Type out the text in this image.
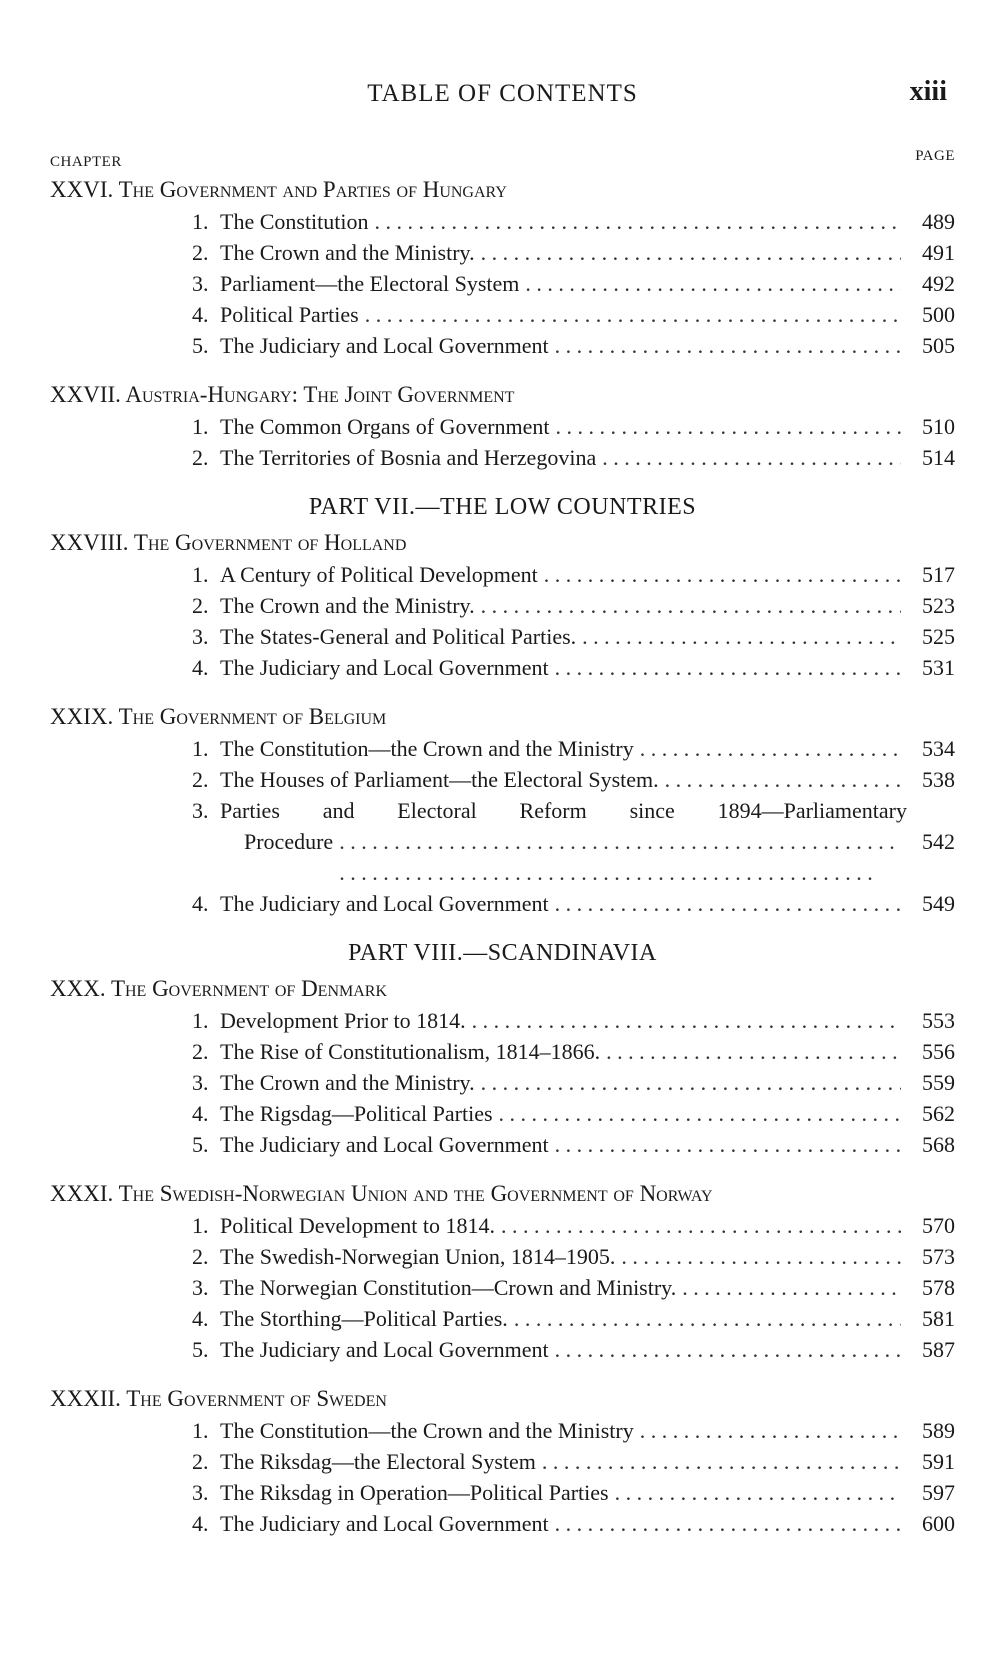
TABLE OF CONTENTS	xiii
CHAPTER	PAGE
XXVI. The Government and Parties of Hungary
1. The Constitution . . .	489
2. The Crown and the Ministry. . . .	491
3. Parliament—the Electoral System . . .	492
4. Political Parties . . .	500
5. The Judiciary and Local Government . . .	505
XXVII. Austria-Hungary: The Joint Government
1. The Common Organs of Government . . .	510
2. The Territories of Bosnia and Herzegovina . . .	514
PART VII.—THE LOW COUNTRIES
XXVIII. The Government of Holland
1. A Century of Political Development . . .	517
2. The Crown and the Ministry. . . .	523
3. The States-General and Political Parties. . . .	525
4. The Judiciary and Local Government . . .	531
XXIX. The Government of Belgium
1. The Constitution—the Crown and the Ministry . . .	534
2. The Houses of Parliament—the Electoral System. . . .	538
3. Parties and Electoral Reform since 1894—Parliamentary
Procedure . . .	542
4. The Judiciary and Local Government . . .	549
PART VIII.—SCANDINAVIA
XXX. The Government of Denmark
1. Development Prior to 1814. . . .	553
2. The Rise of Constitutionalism, 1814–1866. . . .	556
3. The Crown and the Ministry. . . .	559
4. The Rigsdag—Political Parties . . .	562
5. The Judiciary and Local Government . . .	568
XXXI. The Swedish-Norwegian Union and the Government of Norway
1. Political Development to 1814. . . .	570
2. The Swedish-Norwegian Union, 1814–1905. . . .	573
3. The Norwegian Constitution—Crown and Ministry. . . .	578
4. The Storthing—Political Parties. . . .	581
5. The Judiciary and Local Government . . .	587
XXXII. The Government of Sweden
1. The Constitution—the Crown and the Ministry . . .	589
2. The Riksdag—the Electoral System . . .	591
3. The Riksdag in Operation—Political Parties . . .	597
4. The Judiciary and Local Government . . .	600
